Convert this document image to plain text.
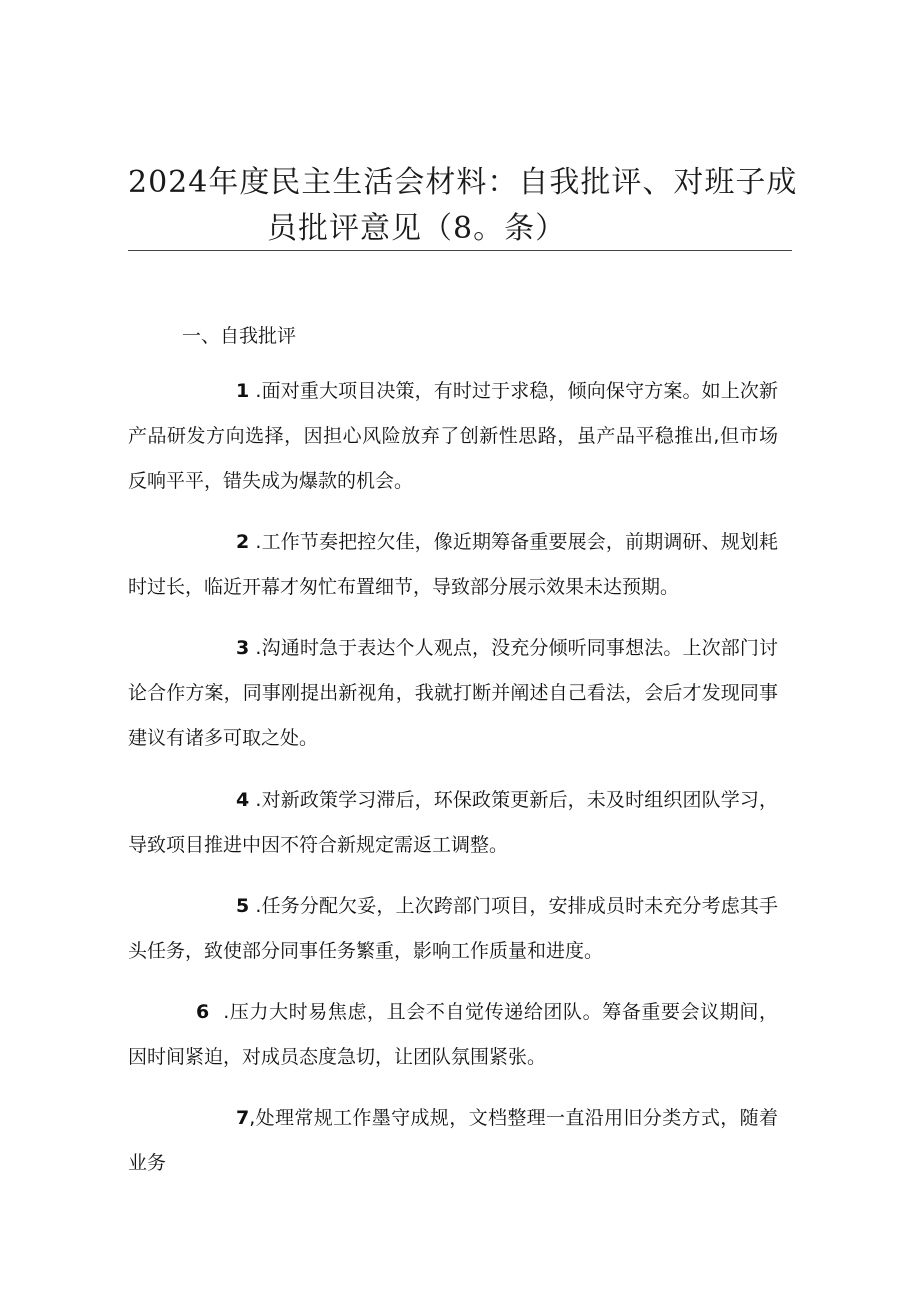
2024年度民主生活会材料：自我批评、对班子成
员批评意见（8。条）
一、自我批评

1 .面对重大项目决策，有时过于求稳，倾向保守方案。如上次新产品研发方向选择，因担心风险放弃了创新性思路，虽产品平稳推出,但市场反响平平，错失成为爆款的机会。

2 .工作节奏把控欠佳，像近期筹备重要展会，前期调研、规划耗时过长，临近开幕才匆忙布置细节，导致部分展示效果未达预期。

3 .沟通时急于表达个人观点，没充分倾听同事想法。上次部门讨论合作方案，同事刚提出新视角，我就打断并阐述自己看法，会后才发现同事建议有诸多可取之处。

4 .对新政策学习滞后，环保政策更新后，未及时组织团队学习，导致项目推进中因不符合新规定需返工调整。

5 .任务分配欠妥，上次跨部门项目，安排成员时未充分考虑其手头任务，致使部分同事任务繁重，影响工作质量和进度。

6 .压力大时易焦虑，且会不自觉传递给团队。筹备重要会议期间，因时间紧迫，对成员态度急切，让团队氛围紧张。

7,处理常规工作墨守成规，文档整理一直沿用旧分类方式，随着业务
